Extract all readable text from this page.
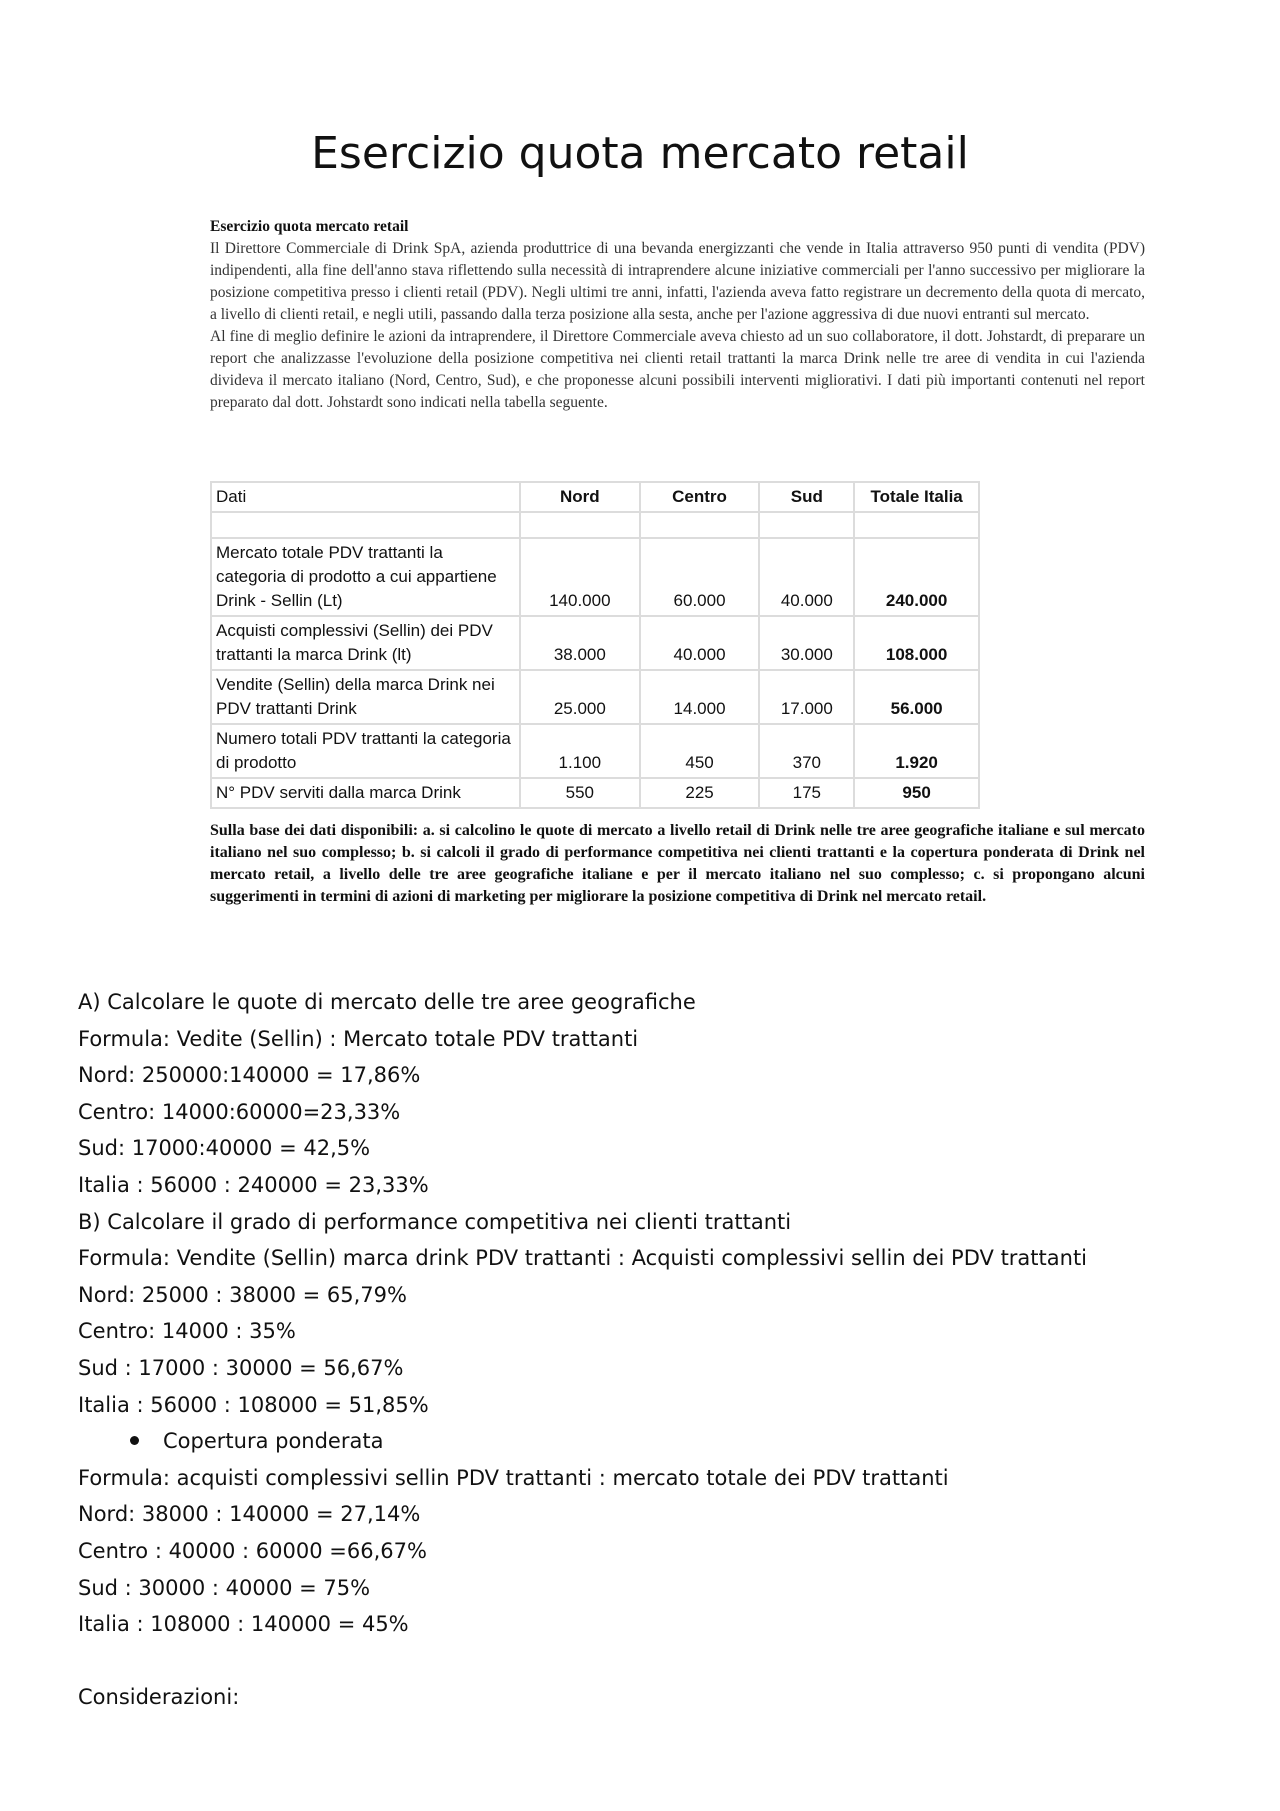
Esercizio quota mercato retail
Esercizio quota mercato retail

Il Direttore Commerciale di Drink SpA, azienda produttrice di una bevanda energizzanti che vende in Italia attraverso 950 punti di vendita (PDV) indipendenti, alla fine dell'anno stava riflettendo sulla necessità di intraprendere alcune iniziative commerciali per l'anno successivo per migliorare la posizione competitiva presso i clienti retail (PDV). Negli ultimi tre anni, infatti, l'azienda aveva fatto registrare un decremento della quota di mercato, a livello di clienti retail, e negli utili, passando dalla terza posizione alla sesta, anche per l'azione aggressiva di due nuovi entranti sul mercato.

Al fine di meglio definire le azioni da intraprendere, il Direttore Commerciale aveva chiesto ad un suo collaboratore, il dott. Johstardt, di preparare un report che analizzasse l'evoluzione della posizione competitiva nei clienti retail trattanti la marca Drink nelle tre aree di vendita in cui l'azienda divideva il mercato italiano (Nord, Centro, Sud), e che proponesse alcuni possibili interventi migliorativi. I dati più importanti contenuti nel report preparato dal dott. Johstardt sono indicati nella tabella seguente.

Dati	Nord	Centro	Sud	Totale Italia

Mercato totale PDV trattanti la categoria di prodotto a cui appartiene Drink - Sellin (Lt)	140.000	60.000	40.000	240.000
Acquisti complessivi (Sellin) dei PDV trattanti la marca Drink (lt)	38.000	40.000	30.000	108.000
Vendite (Sellin) della marca Drink nei PDV trattanti Drink	25.000	14.000	17.000	56.000
Numero totali PDV trattanti la categoria di prodotto	1.100	450	370	1.920
N° PDV serviti dalla marca Drink	550	225	175	950
Sulla base dei dati disponibili: a. si calcolino le quote di mercato a livello retail di Drink nelle tre aree geografiche italiane e sul mercato italiano nel suo complesso; b. si calcoli il grado di performance competitiva nei clienti trattanti e la copertura ponderata di Drink nel mercato retail, a livello delle tre aree geografiche italiane e per il mercato italiano nel suo complesso; c. si propongano alcuni suggerimenti in termini di azioni di marketing per migliorare la posizione competitiva di Drink nel mercato retail.
A) Calcolare le quote di mercato delle tre aree geografiche
Formula: Vedite (Sellin) : Mercato totale PDV trattanti
Nord: 250000:140000 = 17,86%
Centro: 14000:60000=23,33%
Sud: 17000:40000 = 42,5%
Italia : 56000 : 240000 = 23,33%
B) Calcolare il grado di performance competitiva nei clienti trattanti
Formula: Vendite (Sellin) marca drink PDV trattanti : Acquisti complessivi sellin dei PDV trattanti
Nord: 25000 : 38000 = 65,79%
Centro: 14000 : 35%
Sud : 17000 : 30000 = 56,67%
Italia : 56000 : 108000 = 51,85%
Copertura ponderata
Formula: acquisti complessivi sellin PDV trattanti : mercato totale dei PDV trattanti
Nord: 38000 : 140000 = 27,14%
Centro : 40000 : 60000 =66,67%
Sud : 30000 : 40000 = 75%
Italia : 108000 : 140000 = 45%
Considerazioni:
